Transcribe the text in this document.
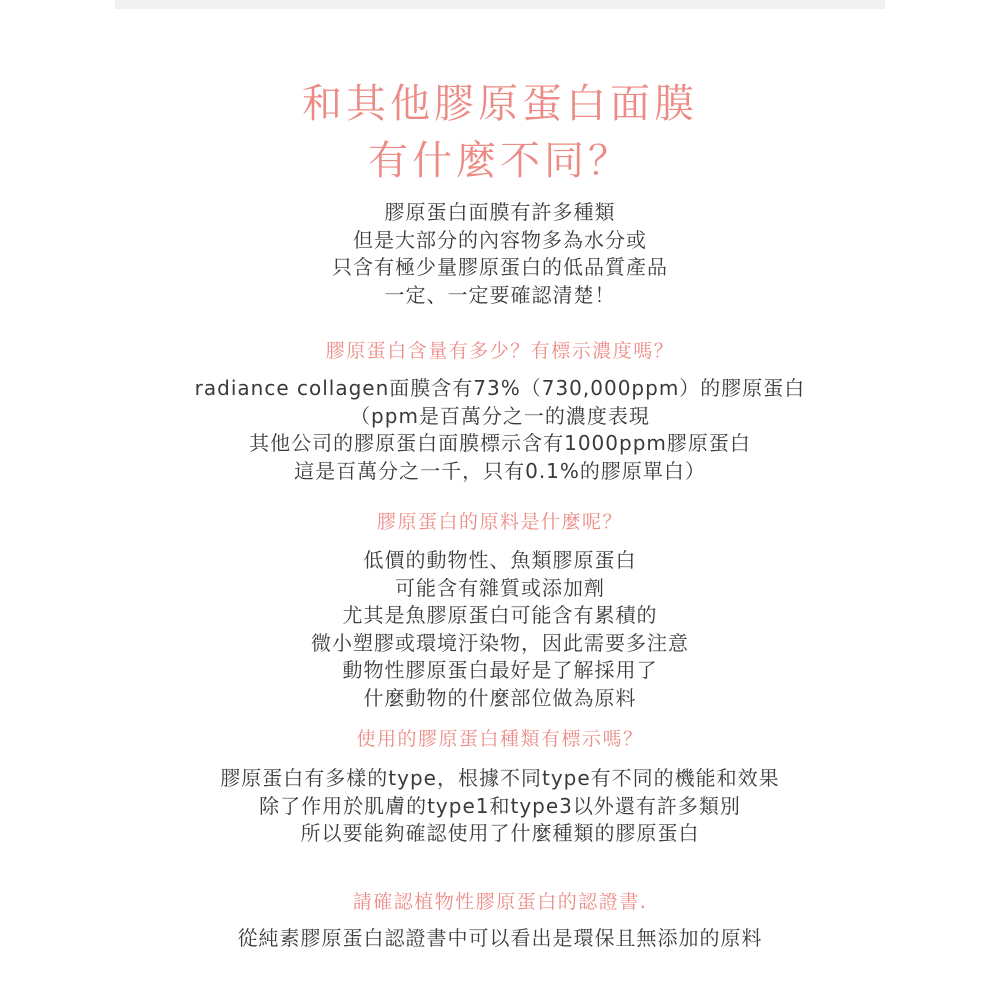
和其他膠原蛋白面膜
有什麼不同？
膠原蛋白面膜有許多種類
但是大部分的內容物多為水分或
只含有極少量膠原蛋白的低品質產品
一定、一定要確認清楚！
膠原蛋白含量有多少？有標示濃度嗎？
radiance collagen面膜含有73%（730,000ppm）的膠原蛋白
（ppm是百萬分之一的濃度表現
其他公司的膠原蛋白面膜標示含有1000ppm膠原蛋白
這是百萬分之一千，只有0.1%的膠原單白）
膠原蛋白的原料是什麼呢？
低價的動物性、魚類膠原蛋白
可能含有雜質或添加劑
尤其是魚膠原蛋白可能含有累積的
微小塑膠或環境汙染物，因此需要多注意
動物性膠原蛋白最好是了解採用了
什麼動物的什麼部位做為原料
使用的膠原蛋白種類有標示嗎？
膠原蛋白有多樣的type，根據不同type有不同的機能和效果
除了作用於肌膚的type1和type3以外還有許多類別
所以要能夠確認使用了什麼種類的膠原蛋白
請確認植物性膠原蛋白的認證書.
從純素膠原蛋白認證書中可以看出是環保且無添加的原料
